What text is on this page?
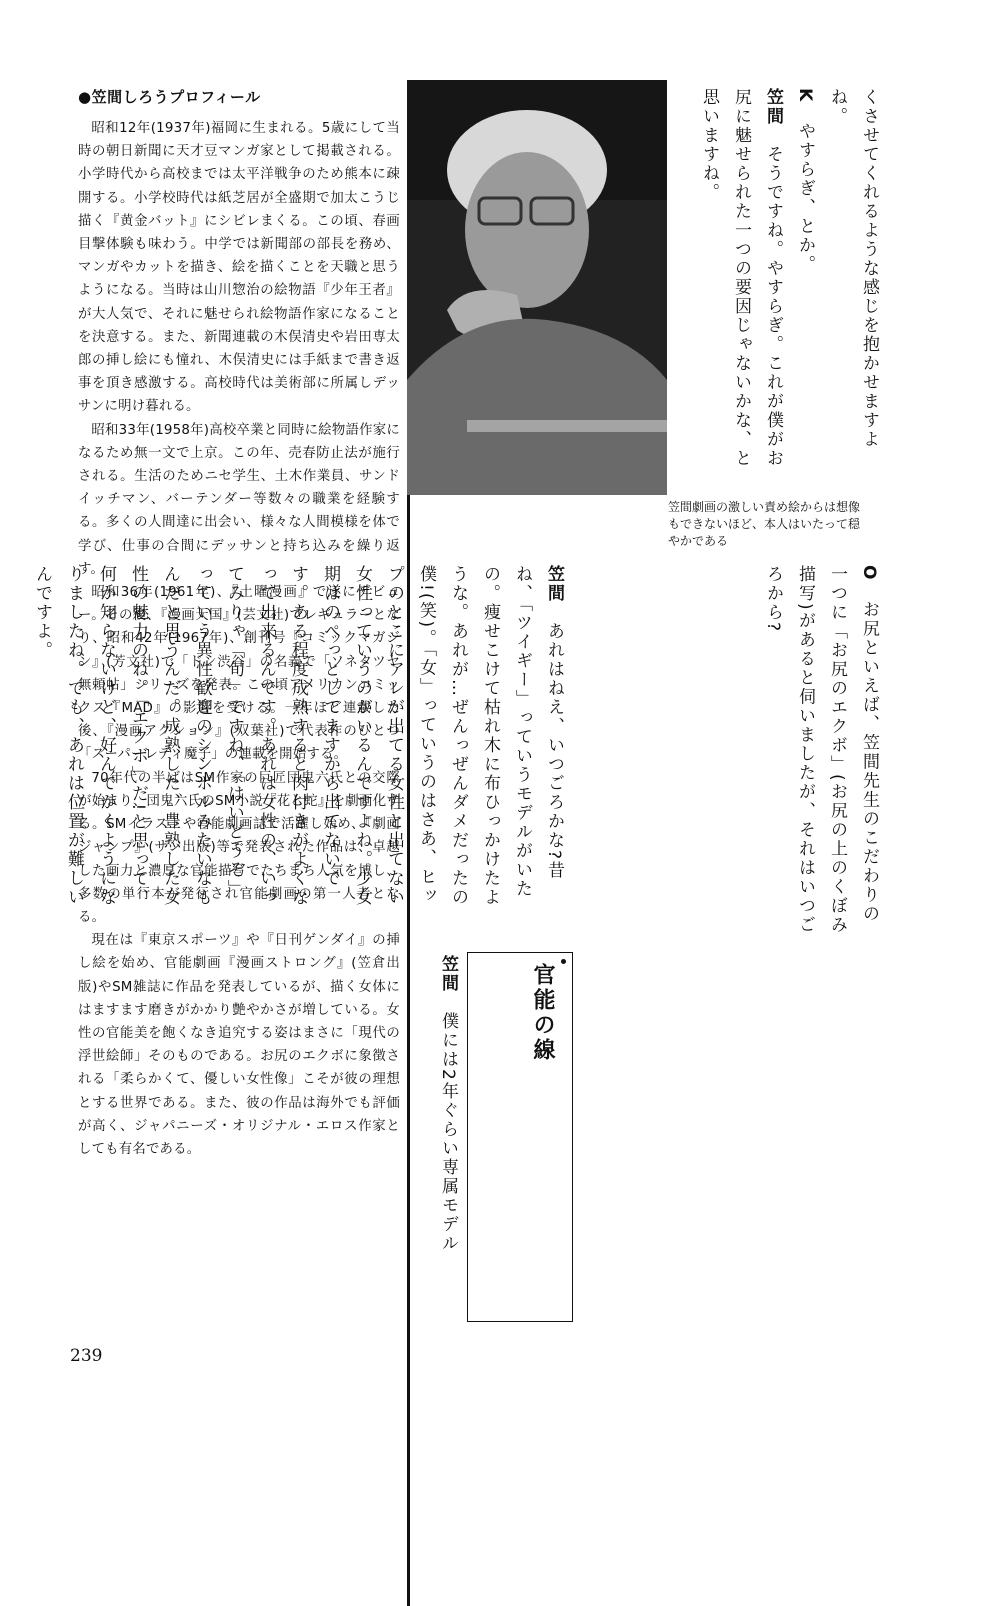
●笠間しろうプロフィール

昭和12年(1937年)福岡に生まれる。5歳にして当時の朝日新聞に天才豆マンガ家として掲載される。小学時代から高校までは太平洋戦争のため熊本に疎開する。小学校時代は紙芝居が全盛期で加太こうじ描く『黄金バット』にシビレまくる。この頃、春画目撃体験も味わう。中学では新聞部の部長を務め、マンガやカットを描き、絵を描くことを天職と思うようになる。当時は山川惣治の絵物語『少年王者』が大人気で、それに魅せられ絵物語作家になることを決意する。また、新聞連載の木俣清史や岩田専太郎の挿し絵にも憧れ、木俣清史には手紙まで書き返事を頂き感激する。高校時代は美術部に所属しデッサンに明け暮れる。

昭和33年(1958年)高校卒業と同時に絵物語作家になるため無一文で上京。この年、売春防止法が施行される。生活のためニセ学生、土木作業員、サンドイッチマン、バーテンダー等数々の職業を経験する。多くの人間達に出会い、様々な人間模様を体で学び、仕事の合間にデッサンと持ち込みを繰り返す。

昭和36年(1961年)、『土曜漫画』で遂にデビュー。その後、『漫画天国』(芸文社)でレギュラーとなり、昭和42年(1967年)、創刊号『コミックマガジン』(芳文社)で「ドン渋谷」の名義で「ソネタツヤ無頼帖」シリーズを発表。この頃アメリカンコミックス『MAD』の影響を受ける。一年ほど連載した後、『漫画アクション』(双葉社)で代表作のひとつ「スーパーレディ魔子」の連載を開始する。

70年代の半ばはSM作家の巨匠団鬼六氏との交際が始まり、団鬼六氏のSM小説『花と蛇』を劇画化する。SMイラストや官能劇画誌で活躍し始め、『劇画ジャンプ』(サン出版)等で発表された作品は、卓越した画力と濃厚な官能描写でたちまち人気を博し、多数の単行本が発行され官能劇画の第一人者となる。

現在は『東京スポーツ』や『日刊ゲンダイ』の挿し絵を始め、官能劇画『漫画ストロング』(笠倉出版)やSM雑誌に作品を発表しているが、描く女体にはますます磨きがかかり艶やかさが増している。女性の官能美を飽くなき追究する姿はまさに「現代の浮世絵師」そのものである。お尻のエクボに象徴される「柔らかくて、優しい女性像」こそが彼の理想とする世界である。また、彼の作品は海外でも評価が高く、ジャパニーズ・オリジナル・エロス作家としても有名である。

笠間劇画の激しい責め絵からは想像もできないほど、本人はいたって穏やかである

くさせてくれるような感じを抱かせますよね。

K　やすらぎ、とか。

笠間　そうですね。やすらぎ。これが僕がお尻に魅せられた一つの要因じゃないかな、と思いますね。

O　お尻といえば、笠間先生のこだわりの一つに「お尻のエクボ」(お尻の上のくぼみ描写)があると伺いましたが、それはいつごろから?

笠間　あれはねえ、いつごろかな?昔ね、「ツイギー」っていうモデルがいたの。痩せこけて枯れ木に布ひっかけたような。あれが…ぜんっぜんダメだったの僕!(笑)。「女」っていうのはさあ、ヒップのとこにアレが出てる女性と出てない女性っていうのがいるんですよね。少女期はのぺっとしてますから出てないです。ある程度成熟すると肉付きがよくなって出来るんです。あれは女性の、いってみりゃ「旬」ですね、「はいどうぞ」っていう異性歓迎のシンボルみたいなもんだと思うんだ。成熟した、豊熟した女性の魅力のね。「エクボ」だ!と思って、何か知らないけど、好んでかくようになりましたね。でも、あれは位置が難しいんですよ。

官能の線

笠間　僕には2年ぐらい専属モデル

239
